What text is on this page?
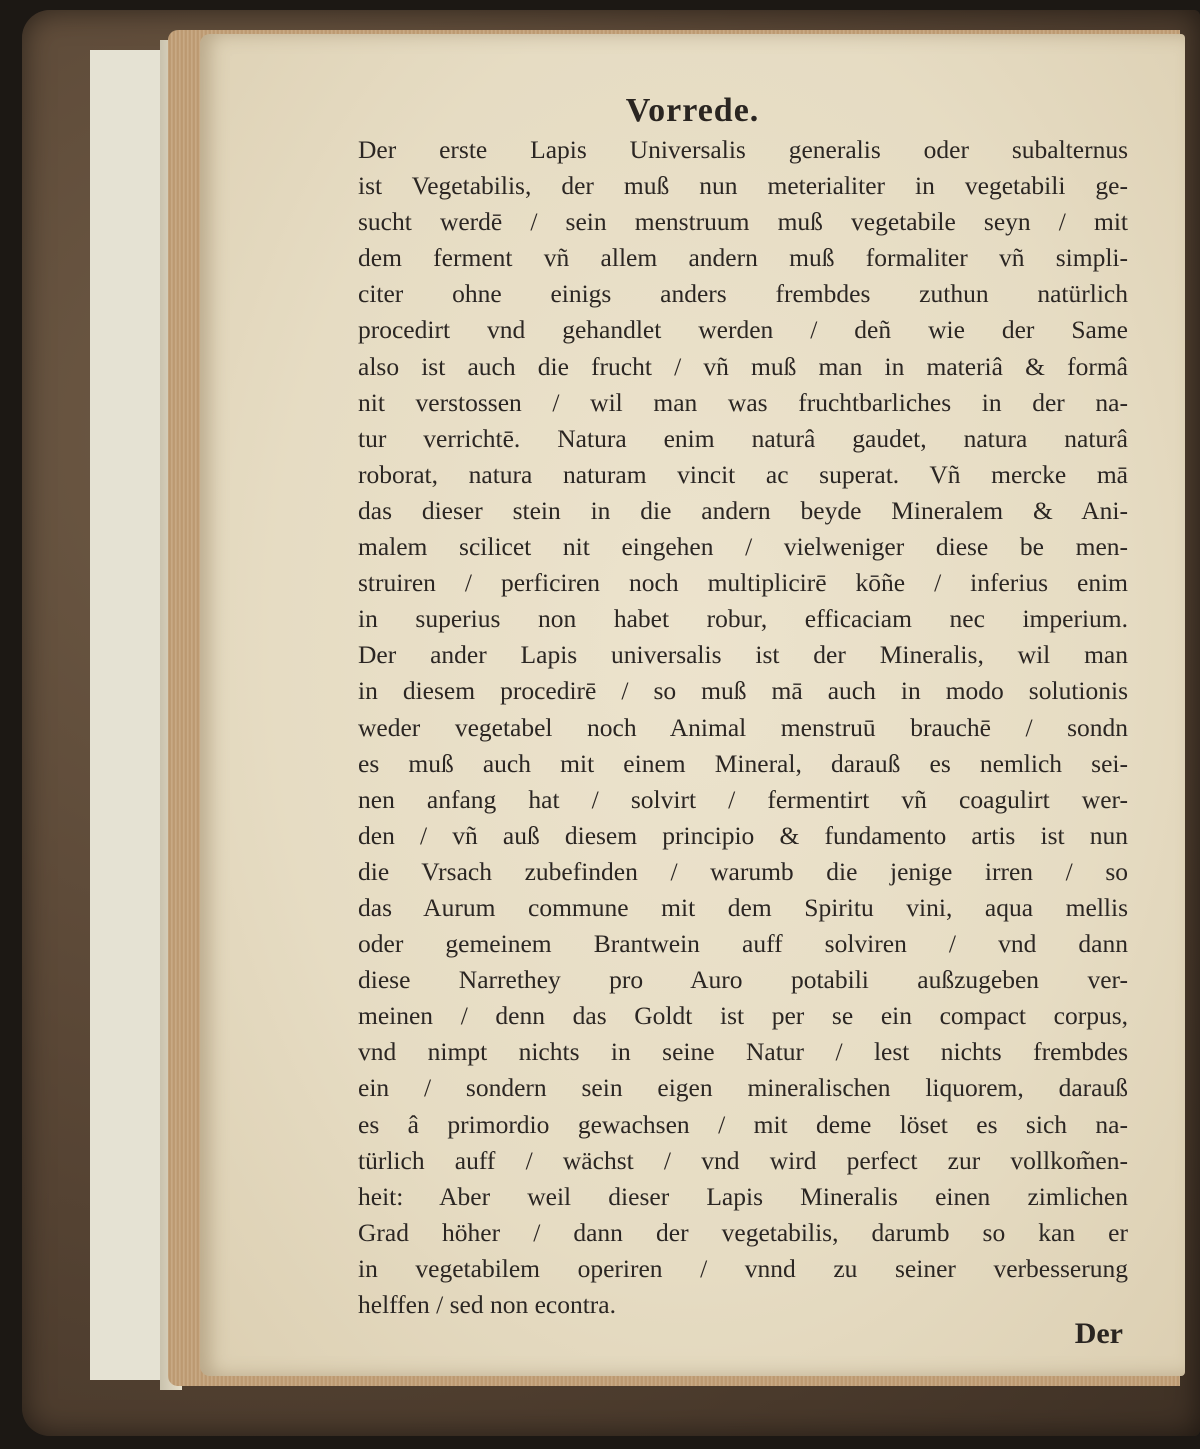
Vorrede.
Der erste Lapis Universalis generalis oder subalternus
ist Vegetabilis, der muß nun meterialiter in vegetabili ge-
sucht werdē / sein menstruum muß vegetabile seyn / mit
dem ferment vñ allem andern muß formaliter vñ simpli-
citer ohne einigs anders frembdes zuthun natürlich
procedirt vnd gehandlet werden / deñ wie der Same
also ist auch die frucht / vñ muß man in materiâ & formâ
nit verstossen / wil man was fruchtbarliches in der na-
tur verrichtē. Natura enim naturâ gaudet, natura naturâ
roborat, natura naturam vincit ac superat. Vñ mercke mā
das dieser stein in die andern beyde Mineralem & Ani-
malem scilicet nit eingehen / vielweniger diese be men-
struiren / perficiren noch multiplicirē kōñe / inferius enim
in superius non habet robur, efficaciam nec imperium.
Der ander Lapis universalis ist der Mineralis, wil man
in diesem procedirē / so muß mā auch in modo solutionis
weder vegetabel noch Animal menstruū brauchē / sondn
es muß auch mit einem Mineral, darauß es nemlich sei-
nen anfang hat / solvirt / fermentirt vñ coagulirt wer-
den / vñ auß diesem principio & fundamento artis ist nun
die Vrsach zubefinden / warumb die jenige irren / so
das Aurum commune mit dem Spiritu vini, aqua mellis
oder gemeinem Brantwein auff solviren / vnd dann
diese Narrethey pro Auro potabili außzugeben ver-
meinen / denn das Goldt ist per se ein compact corpus,
vnd nimpt nichts in seine Natur / lest nichts frembdes
ein / sondern sein eigen mineralischen liquorem, darauß
es â primordio gewachsen / mit deme löset es sich na-
türlich auff / wächst / vnd wird perfect zur vollkom̃en-
heit: Aber weil dieser Lapis Mineralis einen zimlichen
Grad höher / dann der vegetabilis, darumb so kan er
in vegetabilem operiren / vnnd zu seiner verbesserung
helffen / sed non econtra.
Der
